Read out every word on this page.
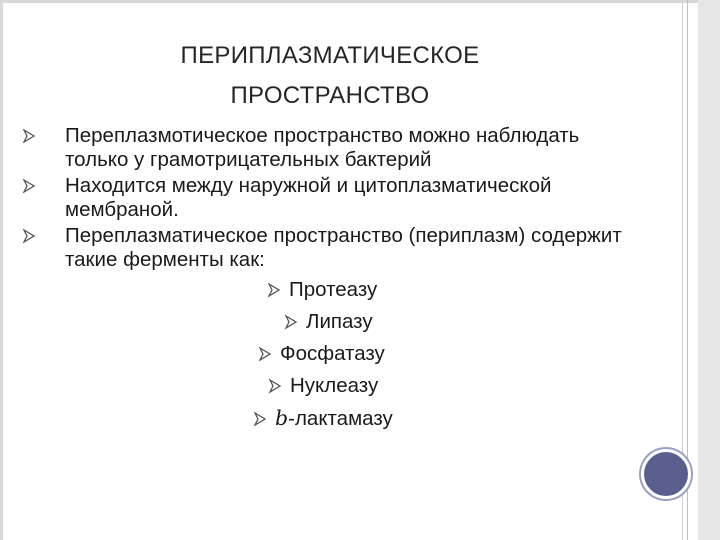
ПЕРИПЛАЗМАТИЧЕСКОЕ
ПРОСТРАНСТВО
Переплазмотическое пространство можно наблюдать только у грамотрицательных бактерий
Находится между наружной и цитоплазматической мембраной.
Переплазматическое пространство (периплазм) содержит такие ферменты как:
Протеазу
Липазу
Фосфатазу
Нуклеазу
b-лактамазу
